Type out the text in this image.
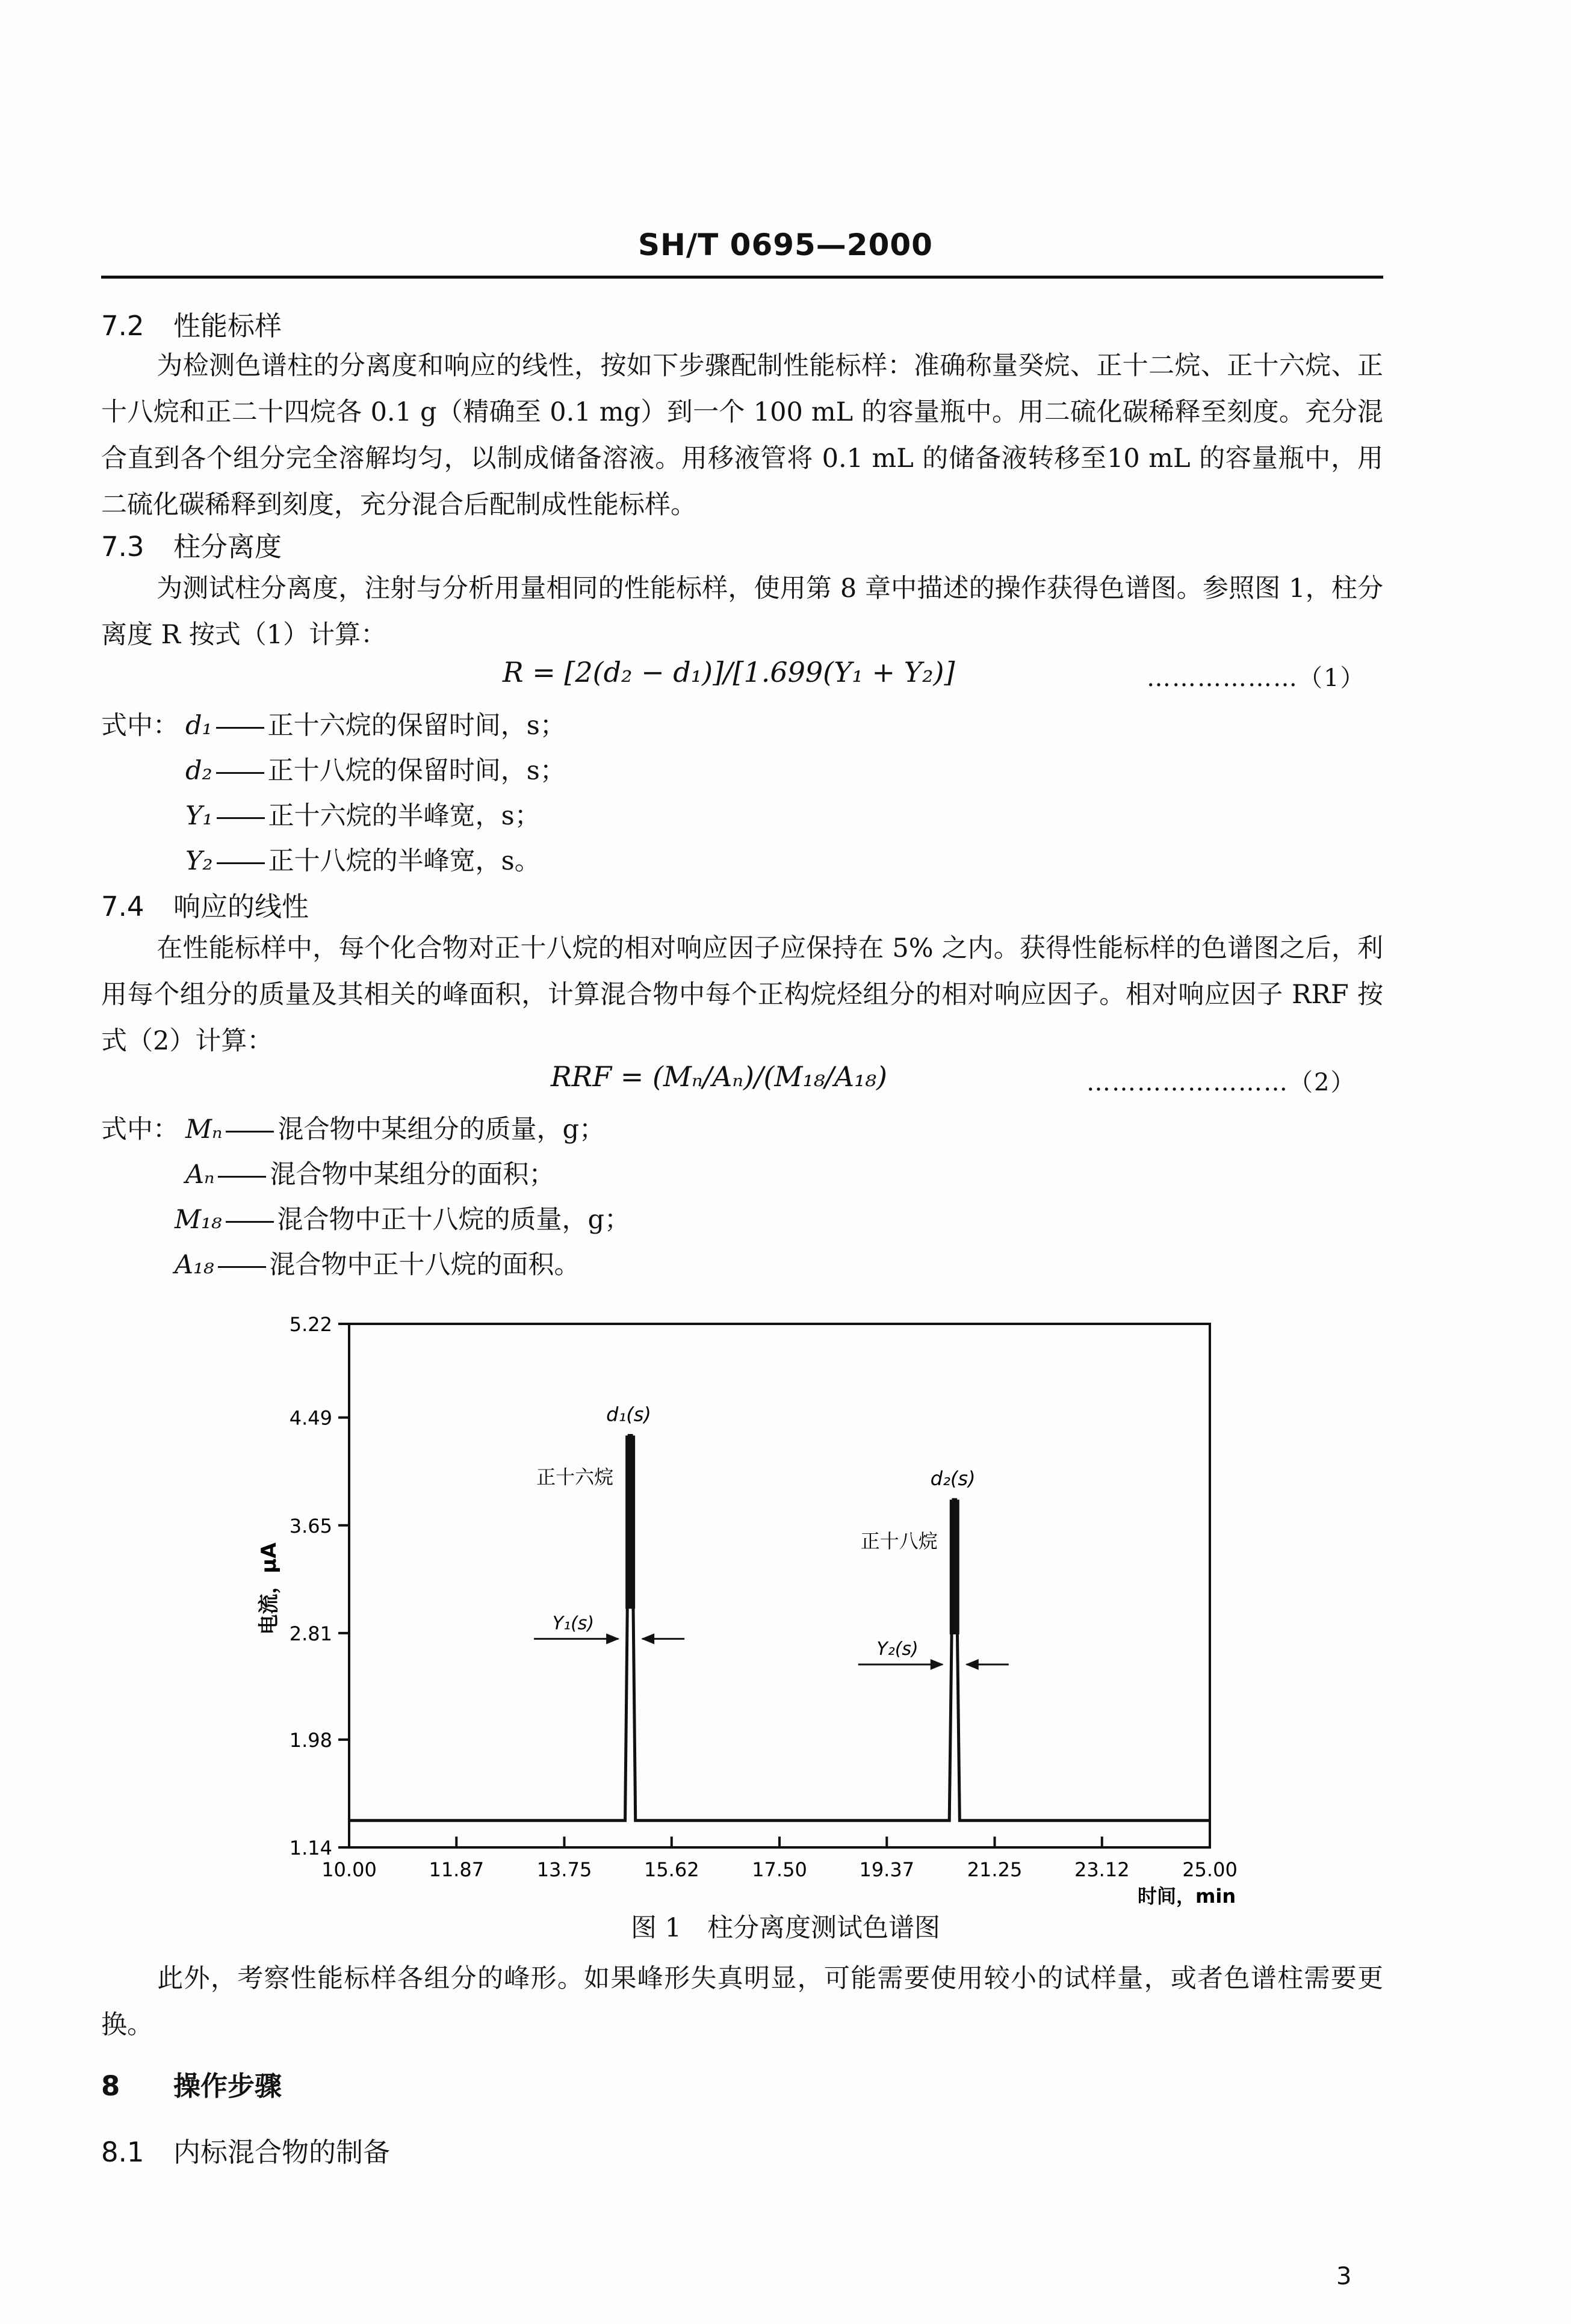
SH/T 0695—2000
7.2 性能标样
为检测色谱柱的分离度和响应的线性，按如下步骤配制性能标样：准确称量癸烷、正十二烷、正十六烷、正十八烷和正二十四烷各 0.1 g（精确至 0.1 mg）到一个 100 mL 的容量瓶中。用二硫化碳稀释至刻度。充分混合直到各个组分完全溶解均匀，以制成储备溶液。用移液管将 0.1 mL 的储备液转移至10 mL 的容量瓶中，用二硫化碳稀释到刻度，充分混合后配制成性能标样。
7.3 柱分离度
为测试柱分离度，注射与分析用量相同的性能标样，使用第 8 章中描述的操作获得色谱图。参照图 1，柱分离度 R 按式（1）计算：
R = [2(d₂ − d₁)]/[1.699(Y₁ + Y₂)]	………………（1）
式中： d₁ 正十六烷的保留时间，s；
d₂ 正十八烷的保留时间，s；
Y₁ 正十六烷的半峰宽，s；
Y₂ 正十八烷的半峰宽，s。
7.4 响应的线性
在性能标样中，每个化合物对正十八烷的相对响应因子应保持在 5% 之内。获得性能标样的色谱图之后，利用每个组分的质量及其相关的峰面积，计算混合物中每个正构烷烃组分的相对响应因子。相对响应因子 RRF 按式（2）计算：
RRF = (Mₙ/Aₙ)/(M₁₈/A₁₈)	……………………（2）
式中： Mₙ 混合物中某组分的质量，g；
Aₙ 混合物中某组分的面积；
M₁₈ 混合物中正十八烷的质量，g；
A₁₈ 混合物中正十八烷的面积。
1.14
1.98
2.81
3.65
4.49
5.22
10.00	11.87	13.75	15.62	17.50	19.37	21.25	23.12	25.00
时间，min
电流，μA
d₁(s)
正十六烷
Y₁(s)
d₂(s)
正十八烷
Y₂(s)
图 1　柱分离度测试色谱图
此外，考察性能标样各组分的峰形。如果峰形失真明显，可能需要使用较小的试样量，或者色谱柱需要更换。
8 操作步骤
8.1 内标混合物的制备
3
